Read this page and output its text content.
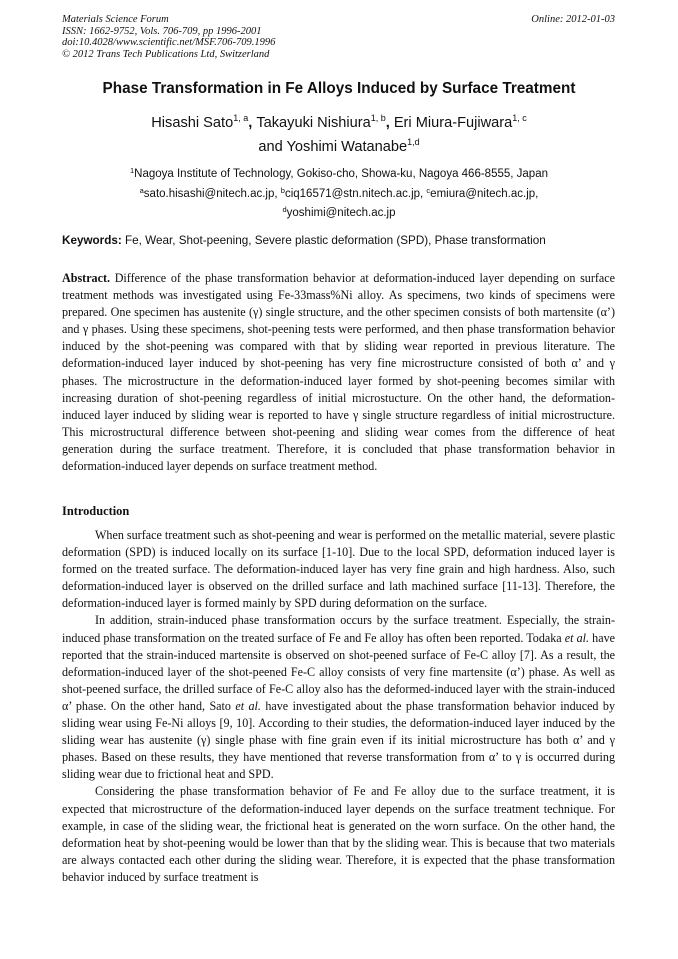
Materials Science Forum
ISSN: 1662-9752, Vols. 706-709, pp 1996-2001
doi:10.4028/www.scientific.net/MSF.706-709.1996
© 2012 Trans Tech Publications Ltd, Switzerland
Online: 2012-01-03
Phase Transformation in Fe Alloys Induced by Surface Treatment
Hisashi Sato$^{1, a}$, Takayuki Nishiura$^{1, b}$, Eri Miura-Fujiwara$^{1, c}$
and Yoshimi Watanabe$^{1,d}$
$^1$Nagoya Institute of Technology, Gokiso-cho, Showa-ku, Nagoya 466-8555, Japan
$^a$sato.hisashi@nitech.ac.jp, $^b$ciq16571@stn.nitech.ac.jp, $^c$emiura@nitech.ac.jp,
$^d$yoshimi@nitech.ac.jp
Keywords: Fe, Wear, Shot-peening, Severe plastic deformation (SPD), Phase transformation

Abstract. Difference of the phase transformation behavior at deformation-induced layer depending on surface treatment methods was investigated using Fe-33mass%Ni alloy. As specimens, two kinds of specimens were prepared. One specimen has austenite (γ) single structure, and the other specimen consists of both martensite (α’) and γ phases. Using these specimens, shot-peening tests were performed, and then phase transformation behavior induced by the shot-peening was compared with that by sliding wear reported in previous literature. The deformation-induced layer induced by shot-peening has very fine microstructure consisted of both α’ and γ phases. The microstructure in the deformation-induced layer formed by shot-peening becomes similar with increasing duration of shot-peening regardless of initial microstucture. On the other hand, the deformation-induced layer induced by sliding wear is reported to have γ single structure regardless of initial microstructure. This microstructural difference between shot-peening and sliding wear comes from the difference of heat generation during the surface treatment. Therefore, it is concluded that phase transformation behavior in deformation-induced layer depends on surface treatment method.

Introduction

When surface treatment such as shot-peening and wear is performed on the metallic material, severe plastic deformation (SPD) is induced locally on its surface [1-10]. Due to the local SPD, deformation induced layer is formed on the treated surface. The deformation-induced layer has very fine grain and high hardness. Also, such deformation-induced layer is observed on the drilled surface and lath machined surface [11-13]. Therefore, the deformation-induced layer is formed mainly by SPD during deformation on the surface.

In addition, strain-induced phase transformation occurs by the surface treatment. Especially, the strain-induced phase transformation on the treated surface of Fe and Fe alloy has often been reported. Todaka et al. have reported that the strain-induced martensite is observed on shot-peened surface of Fe-C alloy [7]. As a result, the deformation-induced layer of the shot-peened Fe-C alloy consists of very fine martensite (α’) phase. As well as shot-peened surface, the drilled surface of Fe-C alloy also has the deformed-induced layer with the strain-induced α’ phase. On the other hand, Sato et al. have investigated about the phase transformation behavior induced by sliding wear using Fe-Ni alloys [9, 10]. According to their studies, the deformation-induced layer induced by the sliding wear has austenite (γ) single phase with fine grain even if its initial microstructure has both α’ and γ phases. Based on these results, they have mentioned that reverse transformation from α’ to γ is occurred during sliding wear due to frictional heat and SPD.

Considering the phase transformation behavior of Fe and Fe alloy due to the surface treatment, it is expected that microstructure of the deformation-induced layer depends on the surface treatment technique. For example, in case of the sliding wear, the frictional heat is generated on the worn surface. On the other hand, the deformation heat by shot-peening would be lower than that by the sliding wear. This is because that two materials are always contacted each other during the sliding wear. Therefore, it is expected that the phase transformation behavior induced by surface treatment is
